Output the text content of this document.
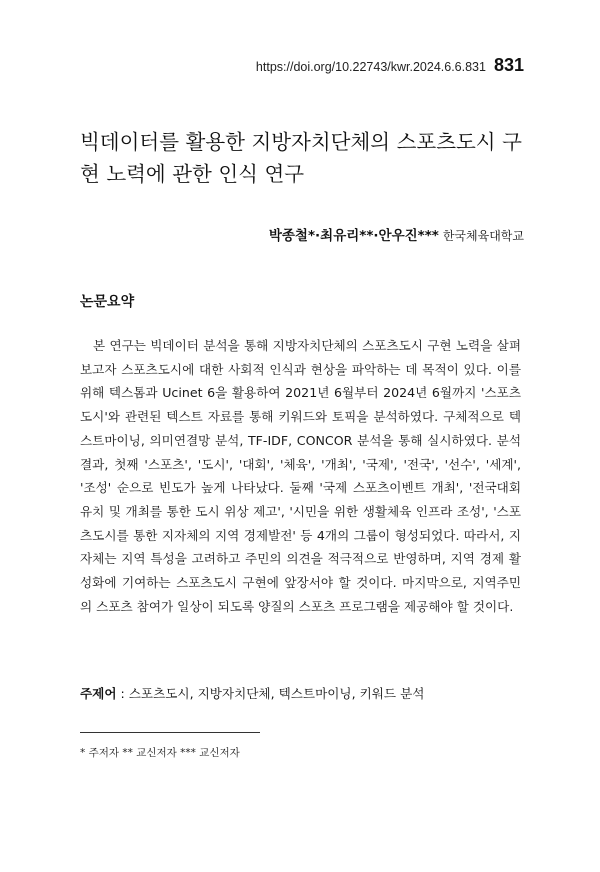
https://doi.org/10.22743/kwr.2024.6.6.831 831
빅데이터를 활용한 지방자치단체의 스포츠도시 구현 노력에 관한 인식 연구
박종철*·최유리**·안우진*** 한국체육대학교
논문요약

본 연구는 빅데이터 분석을 통해 지방자치단체의 스포츠도시 구현 노력을 살펴보고자 스포츠도시에 대한 사회적 인식과 현상을 파악하는 데 목적이 있다. 이를 위해 텍스톰과 Ucinet 6을 활용하여 2021년 6월부터 2024년 6월까지 '스포츠도시'와 관련된 텍스트 자료를 통해 키워드와 토픽을 분석하였다. 구체적으로 텍스트마이닝, 의미연결망 분석, TF-IDF, CONCOR 분석을 통해 실시하였다. 분석 결과, 첫째 '스포츠', '도시', '대회', '체육', '개최', '국제', '전국', '선수', '세계', '조성' 순으로 빈도가 높게 나타났다. 둘째 '국제 스포츠이벤트 개최', '전국대회 유치 및 개최를 통한 도시 위상 제고', '시민을 위한 생활체육 인프라 조성', '스포츠도시를 통한 지자체의 지역 경제발전' 등 4개의 그룹이 형성되었다. 따라서, 지자체는 지역 특성을 고려하고 주민의 의견을 적극적으로 반영하며, 지역 경제 활성화에 기여하는 스포츠도시 구현에 앞장서야 할 것이다. 마지막으로, 지역주민의 스포츠 참여가 일상이 되도록 양질의 스포츠 프로그램을 제공해야 할 것이다.

주제어 : 스포츠도시, 지방자치단체, 텍스트마이닝, 키워드 분석
* 주저자 ** 교신저자 *** 교신저자
